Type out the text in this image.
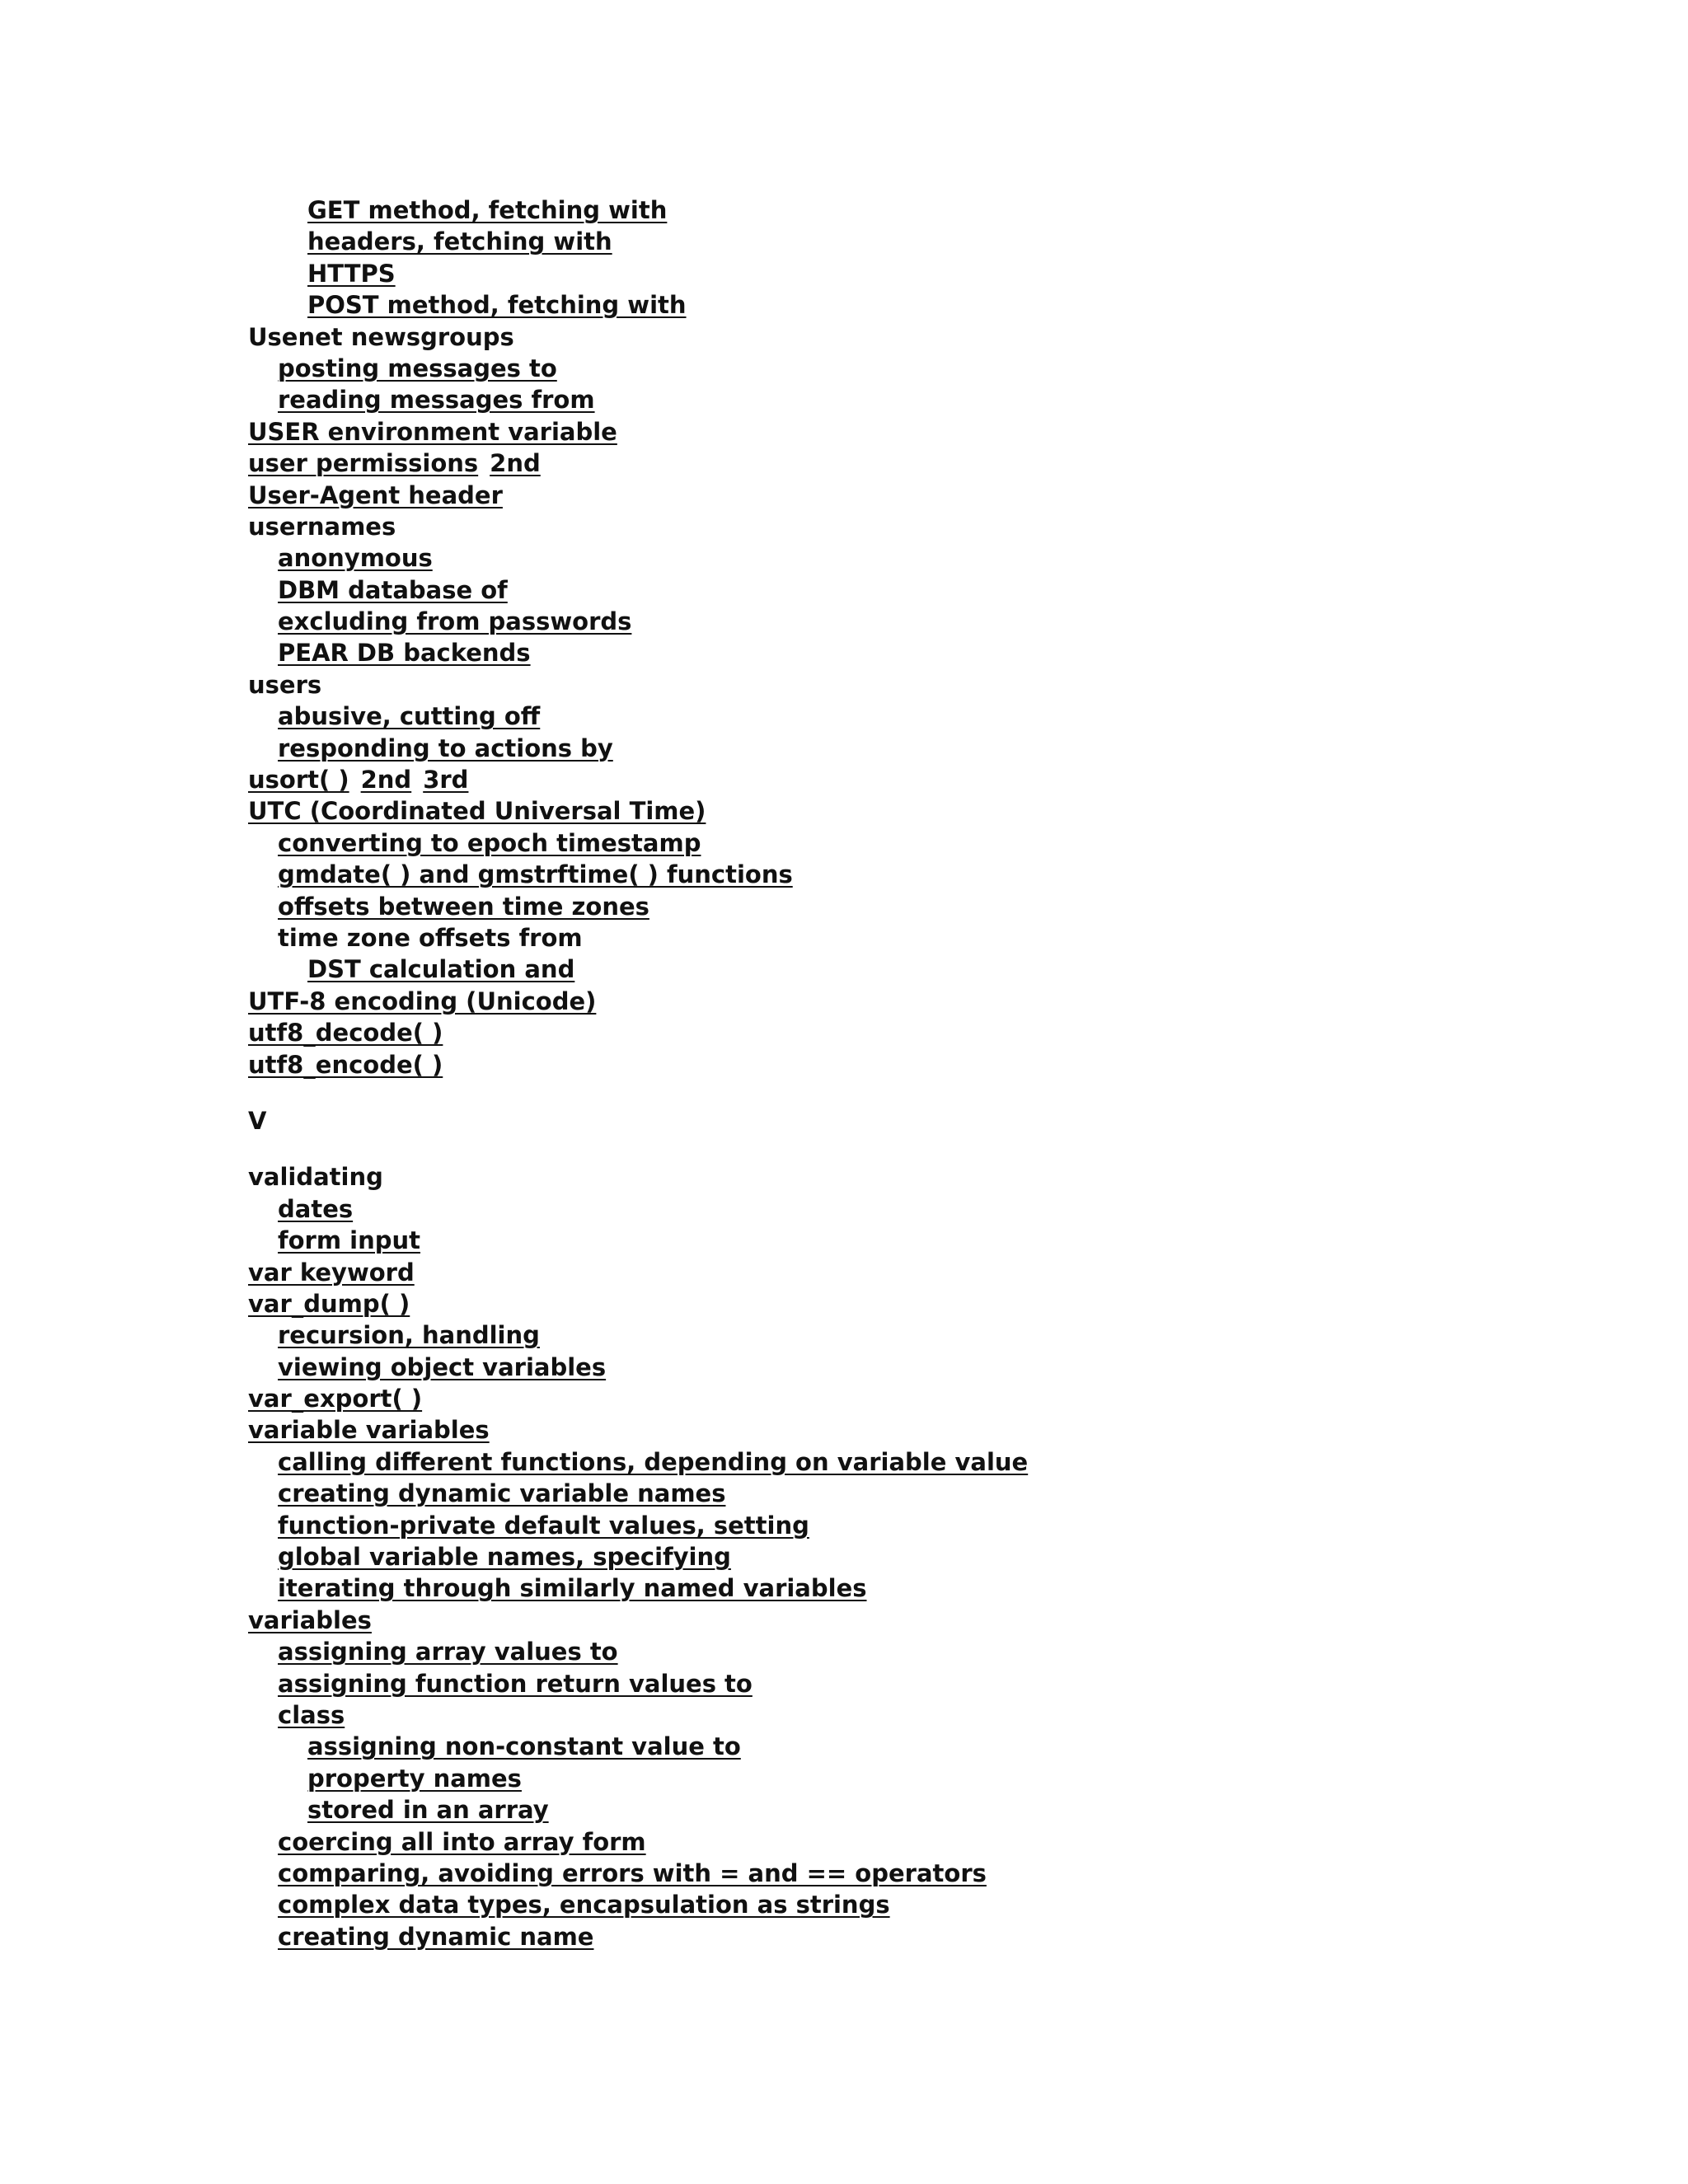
GET method, fetching with
headers, fetching with
HTTPS
POST method, fetching with
Usenet newsgroups
posting messages to
reading messages from
USER environment variable
user permissions 2nd
User-Agent header
usernames
anonymous
DBM database of
excluding from passwords
PEAR DB backends
users
abusive, cutting off
responding to actions by
usort( ) 2nd 3rd
UTC (Coordinated Universal Time)
converting to epoch timestamp
gmdate( ) and gmstrftime( ) functions
offsets between time zones
time zone offsets from
DST calculation and
UTF-8 encoding (Unicode)
utf8_decode( )
utf8_encode( )
V
validating
dates
form input
var keyword
var_dump( )
recursion, handling
viewing object variables
var_export( )
variable variables
calling different functions, depending on variable value
creating dynamic variable names
function-private default values, setting
global variable names, specifying
iterating through similarly named variables
variables
assigning array values to
assigning function return values to
class
assigning non-constant value to
property names
stored in an array
coercing all into array form
comparing, avoiding errors with = and == operators
complex data types, encapsulation as strings
creating dynamic name
